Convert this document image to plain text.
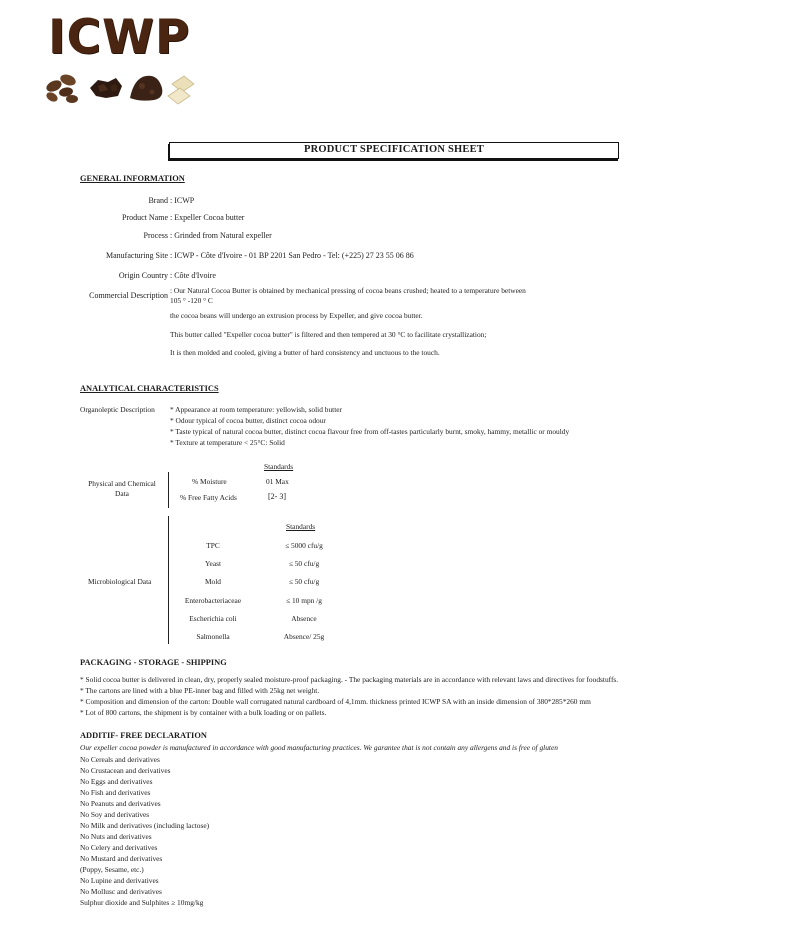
ICWP
PRODUCT SPECIFICATION SHEET
GENERAL INFORMATION
Brand : ICWP
Product Name : Expeller Cocoa butter
Process : Grinded from Natural expeller
Manufacturing Site : ICWP - Côte d'Ivoire - 01 BP 2201 San Pedro - Tel: (+225) 27 23 55 06 86
Origin Country : Côte d'Ivoire
Commercial Description
: Our Natural Cocoa Butter is obtained by mechanical pressing of cocoa beans crushed; heated to a temperature between
105 ° -120 ° C
the cocoa beans will undergo an extrusion process by Expeller, and give cocoa butter.
This butter called "Expeller cocoa butter" is filtered and then tempered at 30 °C to facilitate crystallization;
It is then molded and cooled, giving a butter of hard consistency and unctuous to the touch.
ANALYTICAL CHARACTERISTICS
Organoleptic Description * Appearance at room temperature: yellowish, solid butter
* Odour typical of cocoa butter, distinct cocoa odour
* Taste typical of natural cocoa butter, distinct cocoa flavour free from off-tastes particularly burnt, smoky, hammy, metallic or mouldy
* Texture at temperature < 25°C: Solid
Standards
Physical and Chemical
Data
% Moisture	01 Max
% Free Fatty Acids	[2- 3]
Standards
Microbiological Data
TPC	≤ 5000 cfu/g
Yeast	≤ 50 cfu/g
Mold	≤ 50 cfu/g
Enterobacteriaceae	≤ 10 mpn /g
Escherichia coli	Absence
Salmonella	Absence/ 25g
PACKAGING - STORAGE - SHIPPING
* Solid cocoa butter is delivered in clean, dry, properly sealed moisture-proof packaging. - The packaging materials are in accordance with relevant laws and directives for foodstuffs.
* The cartons are lined with a blue PE-inner bag and filled with 25kg net weight.
* Composition and dimension of the carton: Double wall corrugated natural cardboard of 4,1mm. thickness printed ICWP SA with an inside dimension of 380*285*260 mm
* Lot of 800 cartons, the shipment is by container with a bulk loading or on pallets.
ADDITIF- FREE DECLARATION
Our expeller cocoa powder is manufactured in accordance with good manufacturing practices. We garantee that is not contain any allergens and is free of gluten
No Cereals and derivatives
No Crustacean and derivatives
No Eggs and derivatives
No Fish and derivatives
No Peanuts and derivatives
No Soy and derivatives
No Milk and derivatives (including lactose)
No Nuts and derivatives
No Celery and derivatives
No Mustard and derivatives
(Poppy, Sesame, etc.)
No Lupine and derivatives
No Mollusc and derivatives
Sulphur dioxide and Sulphites ≥ 10mg/kg
